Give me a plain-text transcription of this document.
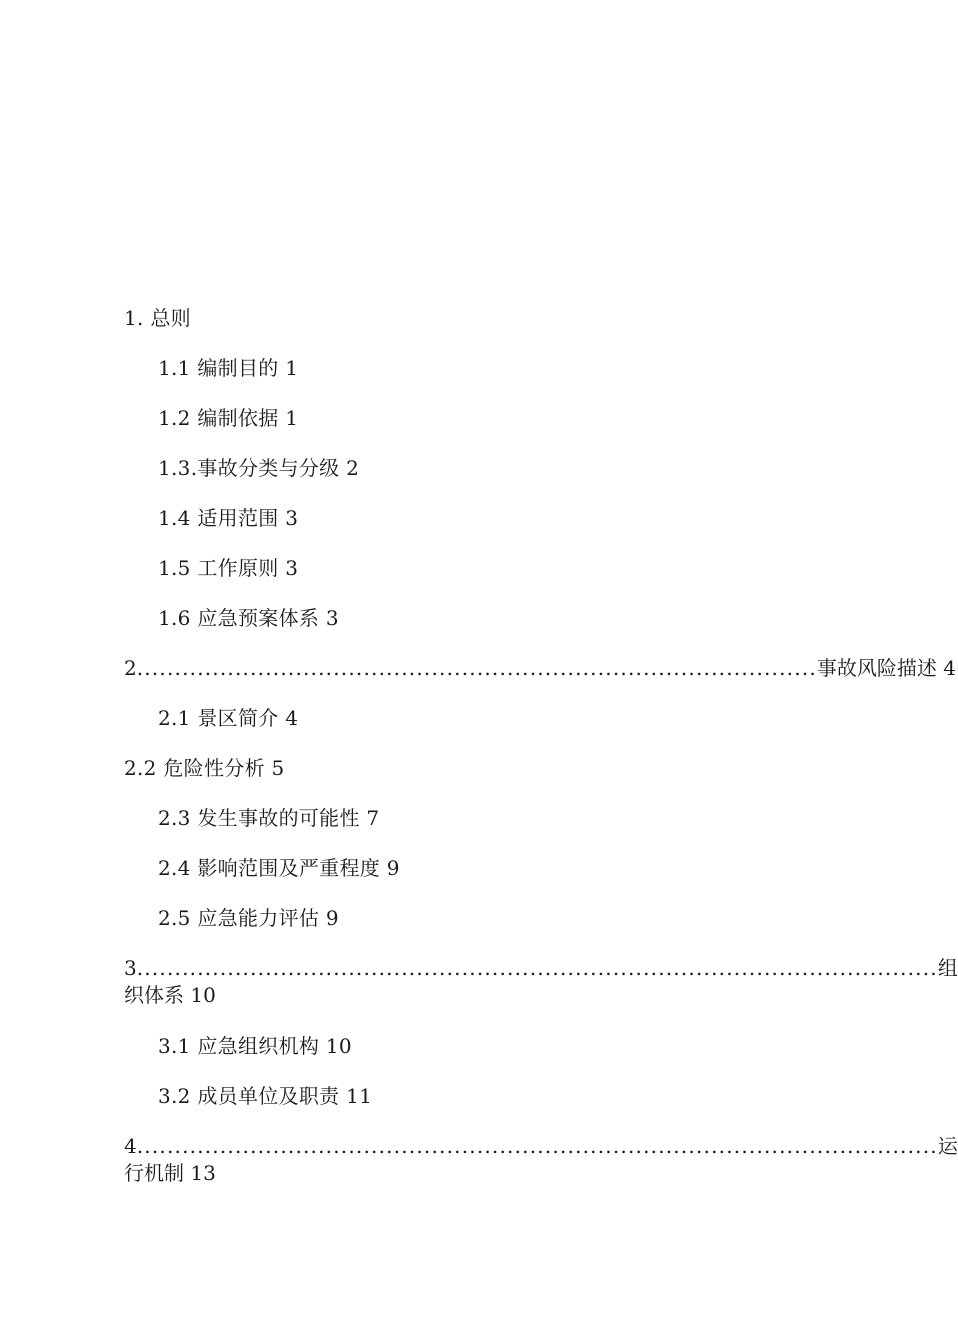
1. 总则
1.1 编制目的 1
1.2 编制依据 1
1.3.事故分类与分级 2
1.4 适用范围 3
1.5 工作原则 3
1.6 应急预案体系 3
2 .......................................................................................... 事故风险描述 4
2.1 景区简介 4
2.2 危险性分析 5
2.3 发生事故的可能性 7
2.4 影响范围及严重程度 9
2.5 应急能力评估 9
3 .......................................................................................................... 组
织体系 10
3.1 应急组织机构 10
3.2 成员单位及职责 11
4 .......................................................................................................... 运
行机制 13
